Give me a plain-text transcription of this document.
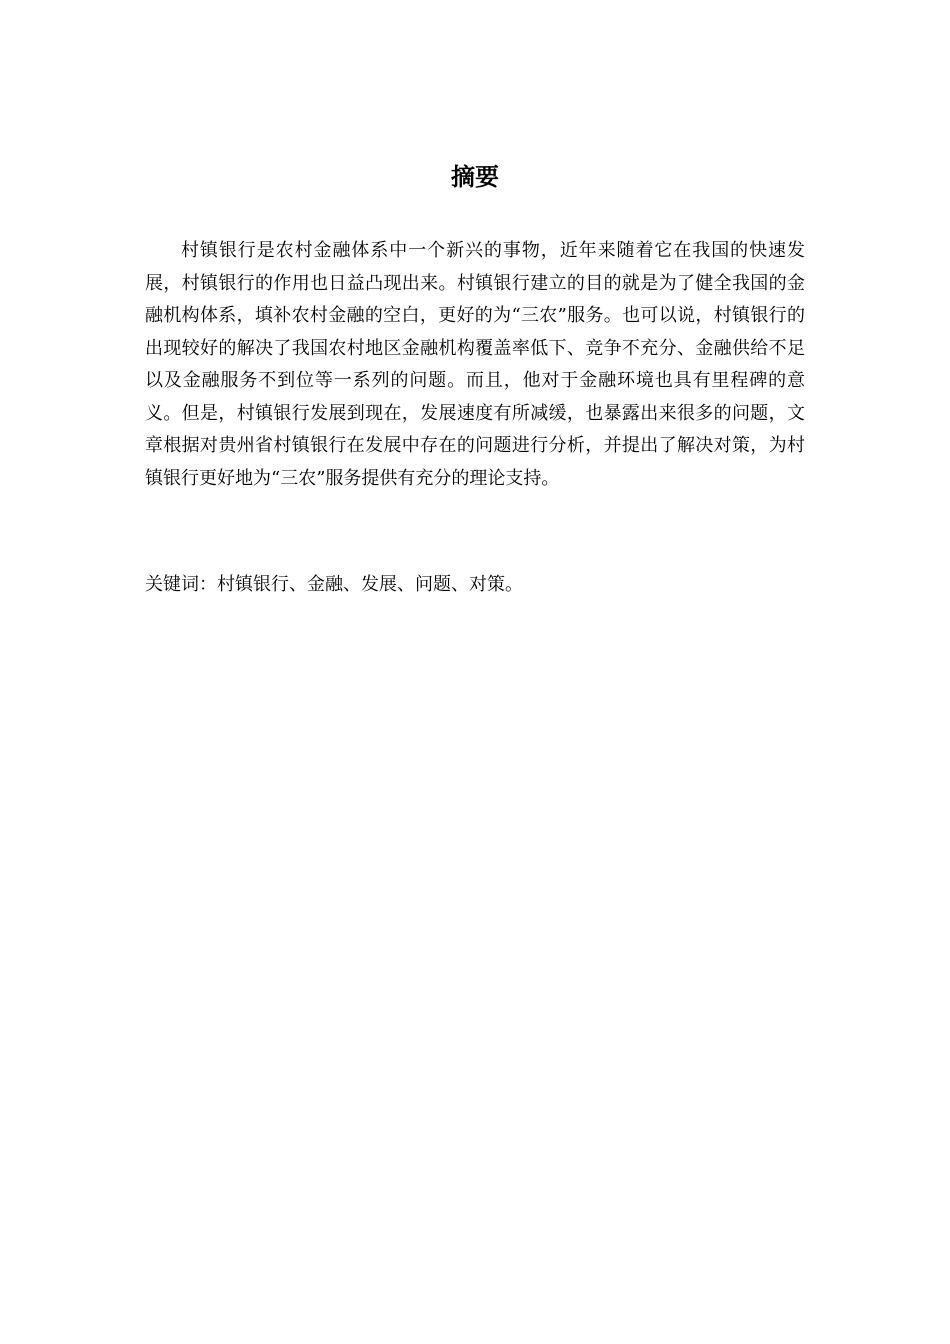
摘要

村镇银行是农村金融体系中一个新兴的事物，近年来随着它在我国的快速发展，村镇银行的作用也日益凸现出来。村镇银行建立的目的就是为了健全我国的金融机构体系，填补农村金融的空白，更好的为“三农”服务。也可以说，村镇银行的出现较好的解决了我国农村地区金融机构覆盖率低下、竞争不充分、金融供给不足以及金融服务不到位等一系列的问题。而且，他对于金融环境也具有里程碑的意义。但是，村镇银行发展到现在，发展速度有所减缓，也暴露出来很多的问题，文章根据对贵州省村镇银行在发展中存在的问题进行分析，并提出了解决对策，为村镇银行更好地为“三农”服务提供有充分的理论支持。

关键词：村镇银行、金融、发展、问题、对策。
